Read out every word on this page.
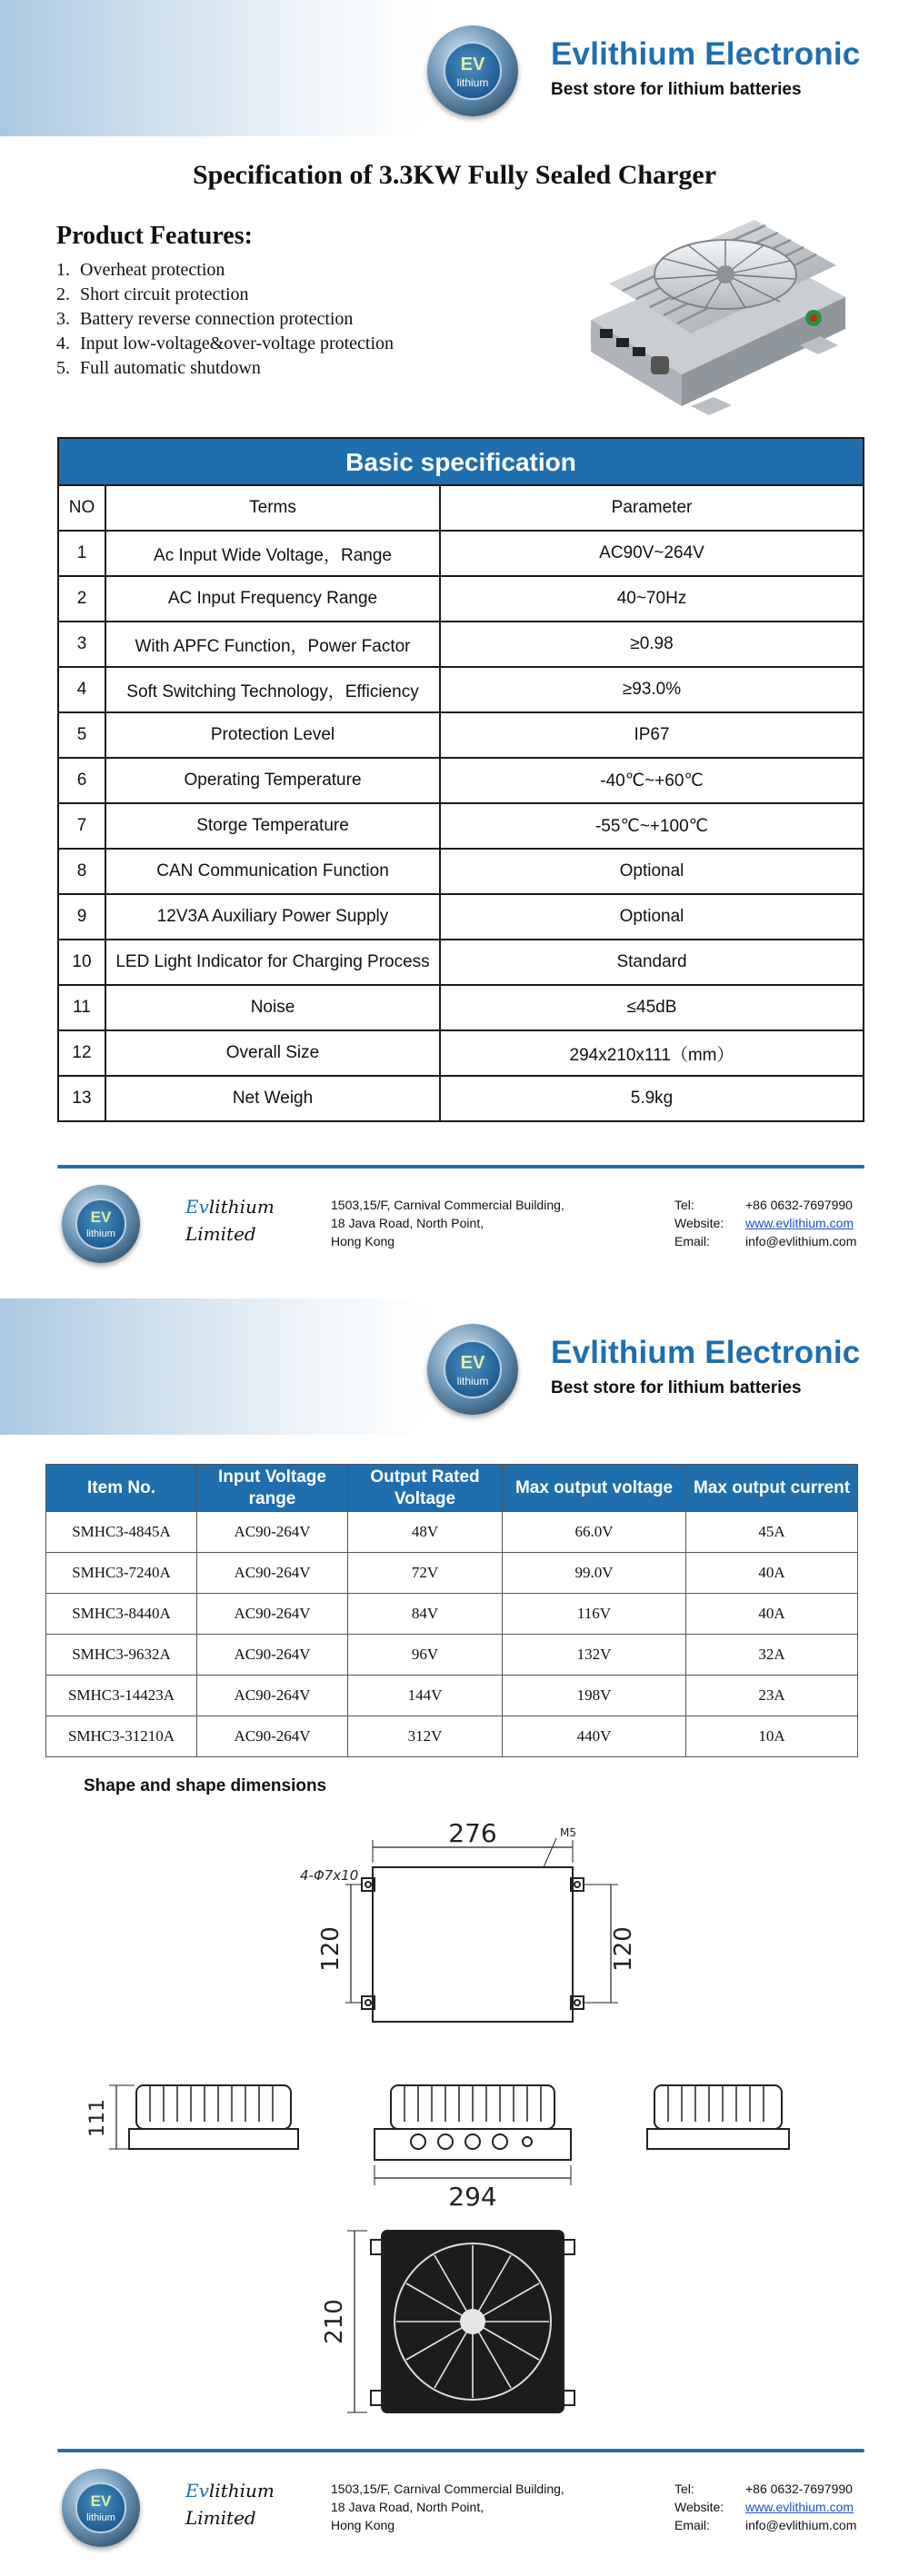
EV
lithium
Evlithium Electronic
Best store for lithium batteries
Specification of 3.3KW Fully Sealed Charger
Product Features:
1. Overheat protection
2. Short circuit protection
3. Battery reverse connection protection
4. Input low-voltage&over-voltage protection
5. Full automatic shutdown
Basic specification
NO	Terms	Parameter
1	Ac Input Wide Voltage，Range	AC90V~264V
2	AC Input Frequency Range	40~70Hz
3	With APFC Function，Power Factor	≥0.98
4	Soft Switching Technology，Efficiency	≥93.0%
5	Protection Level	IP67
6	Operating Temperature	-40℃~+60℃
7	Storge Temperature	-55℃~+100℃
8	CAN Communication Function	Optional
9	12V3A Auxiliary Power Supply	Optional
10	LED Light Indicator for Charging Process	Standard
11	Noise	≤45dB
12	Overall Size	294x210x111（mm）
13	Net Weigh	5.9kg
EV
lithium
Evlithium
Limited
1503,15/F, Carnival Commercial Building,
18 Java Road, North Point,
Hong Kong
Tel:	+86 0632-7697990
Website:	www.evlithium.com
Email:	info@evlithium.com
EV
lithium
Evlithium Electronic
Best store for lithium batteries
Item No.	Input Voltage range	Output Rated Voltage	Max output voltage	Max output current
SMHC3-4845A	AC90-264V	48V	66.0V	45A
SMHC3-7240A	AC90-264V	72V	99.0V	40A
SMHC3-8440A	AC90-264V	84V	116V	40A
SMHC3-9632A	AC90-264V	96V	132V	32A
SMHC3-14423A	AC90-264V	144V	198V	23A
SMHC3-31210A	AC90-264V	312V	440V	10A
Shape and shape dimensions
276	M5
4-Φ7x10
120	120
111
294
210
EV
lithium
Evlithium
Limited
1503,15/F, Carnival Commercial Building,
18 Java Road, North Point,
Hong Kong
Tel:	+86 0632-7697990
Website:	www.evlithium.com
Email:	info@evlithium.com
